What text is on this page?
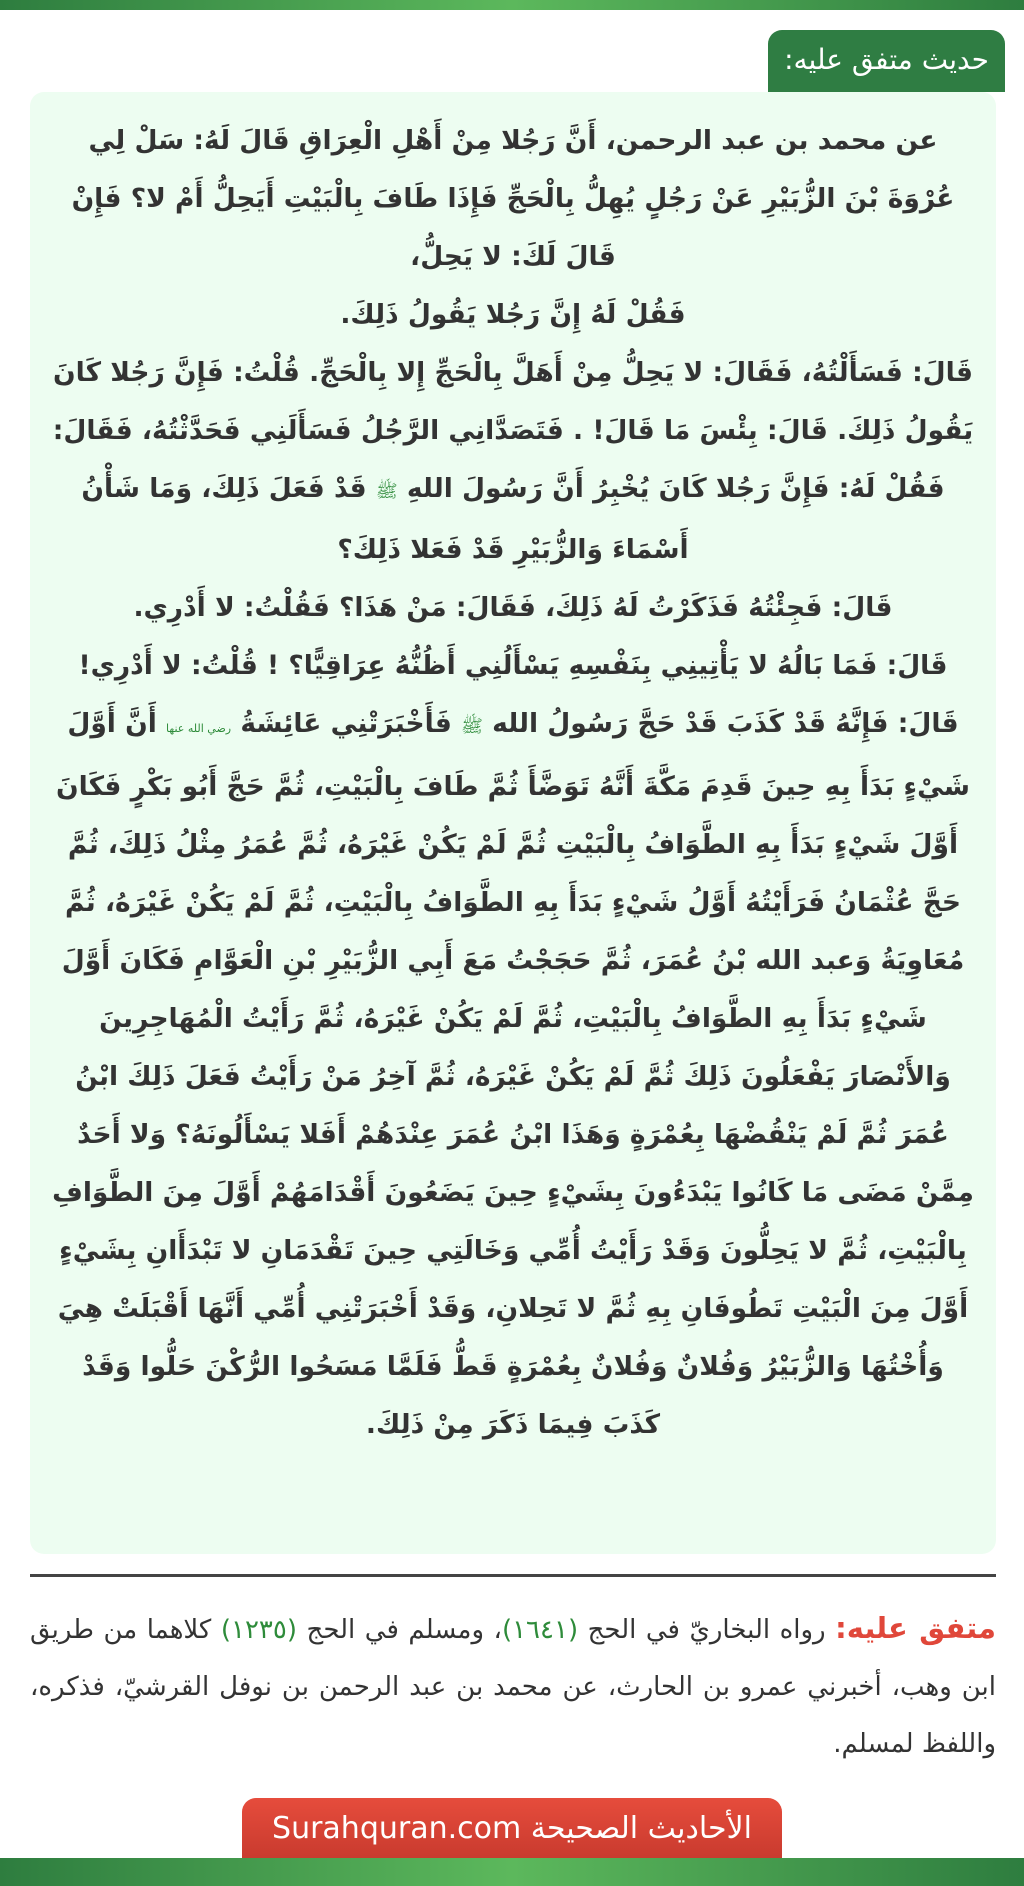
حديث متفق عليه:

عن محمد بن عبد الرحمن، أَنَّ رَجُلا مِنْ أَهْلِ الْعِرَاقِ قَالَ لَهُ: سَلْ لِي عُرْوَةَ بْنَ الزُّبَيْرِ عَنْ رَجُلٍ يُهِلُّ بِالْحَجِّ فَإِذَا طَافَ بِالْبَيْتِ أَيَحِلُّ أَمْ لا؟ فَإِنْ قَالَ لَكَ: لا يَحِلُّ،

فَقُلْ لَهُ إِنَّ رَجُلا يَقُولُ ذَلِكَ.

قَالَ: فَسَأَلْتُهُ، فَقَالَ: لا يَحِلُّ مِنْ أَهَلَّ بِالْحَجِّ إِلا بِالْحَجِّ. قُلْتُ: فَإِنَّ رَجُلا كَانَ يَقُولُ ذَلِكَ. قَالَ: بِئْسَ مَا قَالَ! . فَتَصَدَّانِي الرَّجُلُ فَسَأَلَنِي فَحَدَّثْتُهُ، فَقَالَ: فَقُلْ لَهُ: فَإِنَّ رَجُلا كَانَ يُخْبِرُ أَنَّ رَسُولَ اللهِ ﷺ قَدْ فَعَلَ ذَلِكَ، وَمَا شَأْنُ أَسْمَاءَ وَالزُّبَيْرِ قَدْ فَعَلا ذَلِكَ؟

قَالَ: فَجِئْتُهُ فَذَكَرْتُ لَهُ ذَلِكَ، فَقَالَ: مَنْ هَذَا؟ فَقُلْتُ: لا أَدْرِي.

قَالَ: فَمَا بَالُهُ لا يَأْتِينِي بِنَفْسِهِ يَسْأَلُنِي أَظُنُّهُ عِرَاقِيًّا؟ ! قُلْتُ: لا أَدْرِي! قَالَ: فَإِنَّهُ قَدْ كَذَبَ قَدْ حَجَّ رَسُولُ الله ﷺ فَأَخْبَرَتْنِي عَائِشَةُ رضي الله عنها أَنَّ أَوَّلَ شَيْءٍ بَدَأَ بِهِ حِينَ قَدِمَ مَكَّةَ أَنَّهُ تَوَضَّأَ ثُمَّ طَافَ بِالْبَيْتِ، ثُمَّ حَجَّ أَبُو بَكْرٍ فَكَانَ أَوَّلَ شَيْءٍ بَدَأَ بِهِ الطَّوَافُ بِالْبَيْتِ ثُمَّ لَمْ يَكُنْ غَيْرَهُ، ثُمَّ عُمَرُ مِثْلُ ذَلِكَ، ثُمَّ حَجَّ عُثْمَانُ فَرَأَيْتُهُ أَوَّلُ شَيْءٍ بَدَأَ بِهِ الطَّوَافُ بِالْبَيْتِ، ثُمَّ لَمْ يَكُنْ غَيْرَهُ، ثُمَّ مُعَاوِيَةُ وَعبد الله بْنُ عُمَرَ، ثُمَّ حَجَجْتُ مَعَ أَبِي الزُّبَيْرِ بْنِ الْعَوَّامِ فَكَانَ أَوَّلَ شَيْءٍ بَدَأَ بِهِ الطَّوَافُ بِالْبَيْتِ، ثُمَّ لَمْ يَكُنْ غَيْرَهُ، ثُمَّ رَأَيْتُ الْمُهَاجِرِينَ وَالأَنْصَارَ يَفْعَلُونَ ذَلِكَ ثُمَّ لَمْ يَكُنْ غَيْرَهُ، ثُمَّ آخِرُ مَنْ رَأَيْتُ فَعَلَ ذَلِكَ ابْنُ عُمَرَ ثُمَّ لَمْ يَنْقُضْهَا بِعُمْرَةٍ وَهَذَا ابْنُ عُمَرَ عِنْدَهُمْ أَفَلا يَسْأَلُونَهُ؟ وَلا أَحَدٌ مِمَّنْ مَضَى مَا كَانُوا يَبْدَءُونَ بِشَيْءٍ حِينَ يَضَعُونَ أَقْدَامَهُمْ أَوَّلَ مِنَ الطَّوَافِ بِالْبَيْتِ، ثُمَّ لا يَحِلُّونَ وَقَدْ رَأَيْتُ أُمِّي وَخَالَتِي حِينَ تَقْدَمَانِ لا تَبْدَأَانِ بِشَيْءٍ أَوَّلَ مِنَ الْبَيْتِ تَطُوفَانِ بِهِ ثُمَّ لا تَحِلانِ، وَقَدْ أَخْبَرَتْنِي أُمِّي أَنَّهَا أَقْبَلَتْ هِيَ وَأُخْتُهَا وَالزُّبَيْرُ وَفُلانٌ وَفُلانٌ بِعُمْرَةٍ قَطُّ فَلَمَّا مَسَحُوا الرُّكْنَ حَلُّوا وَقَدْ كَذَبَ فِيمَا ذَكَرَ مِنْ ذَلِكَ.

متفق عليه: رواه البخاريّ في الحج (١٦٤١)، ومسلم في الحج (١٢٣٥) كلاهما من طريق ابن وهب، أخبرني عمرو بن الحارث، عن محمد بن عبد الرحمن بن نوفل القرشيّ، فذكره، واللفظ لمسلم.
الأحاديث الصحيحة Surahquran.com
